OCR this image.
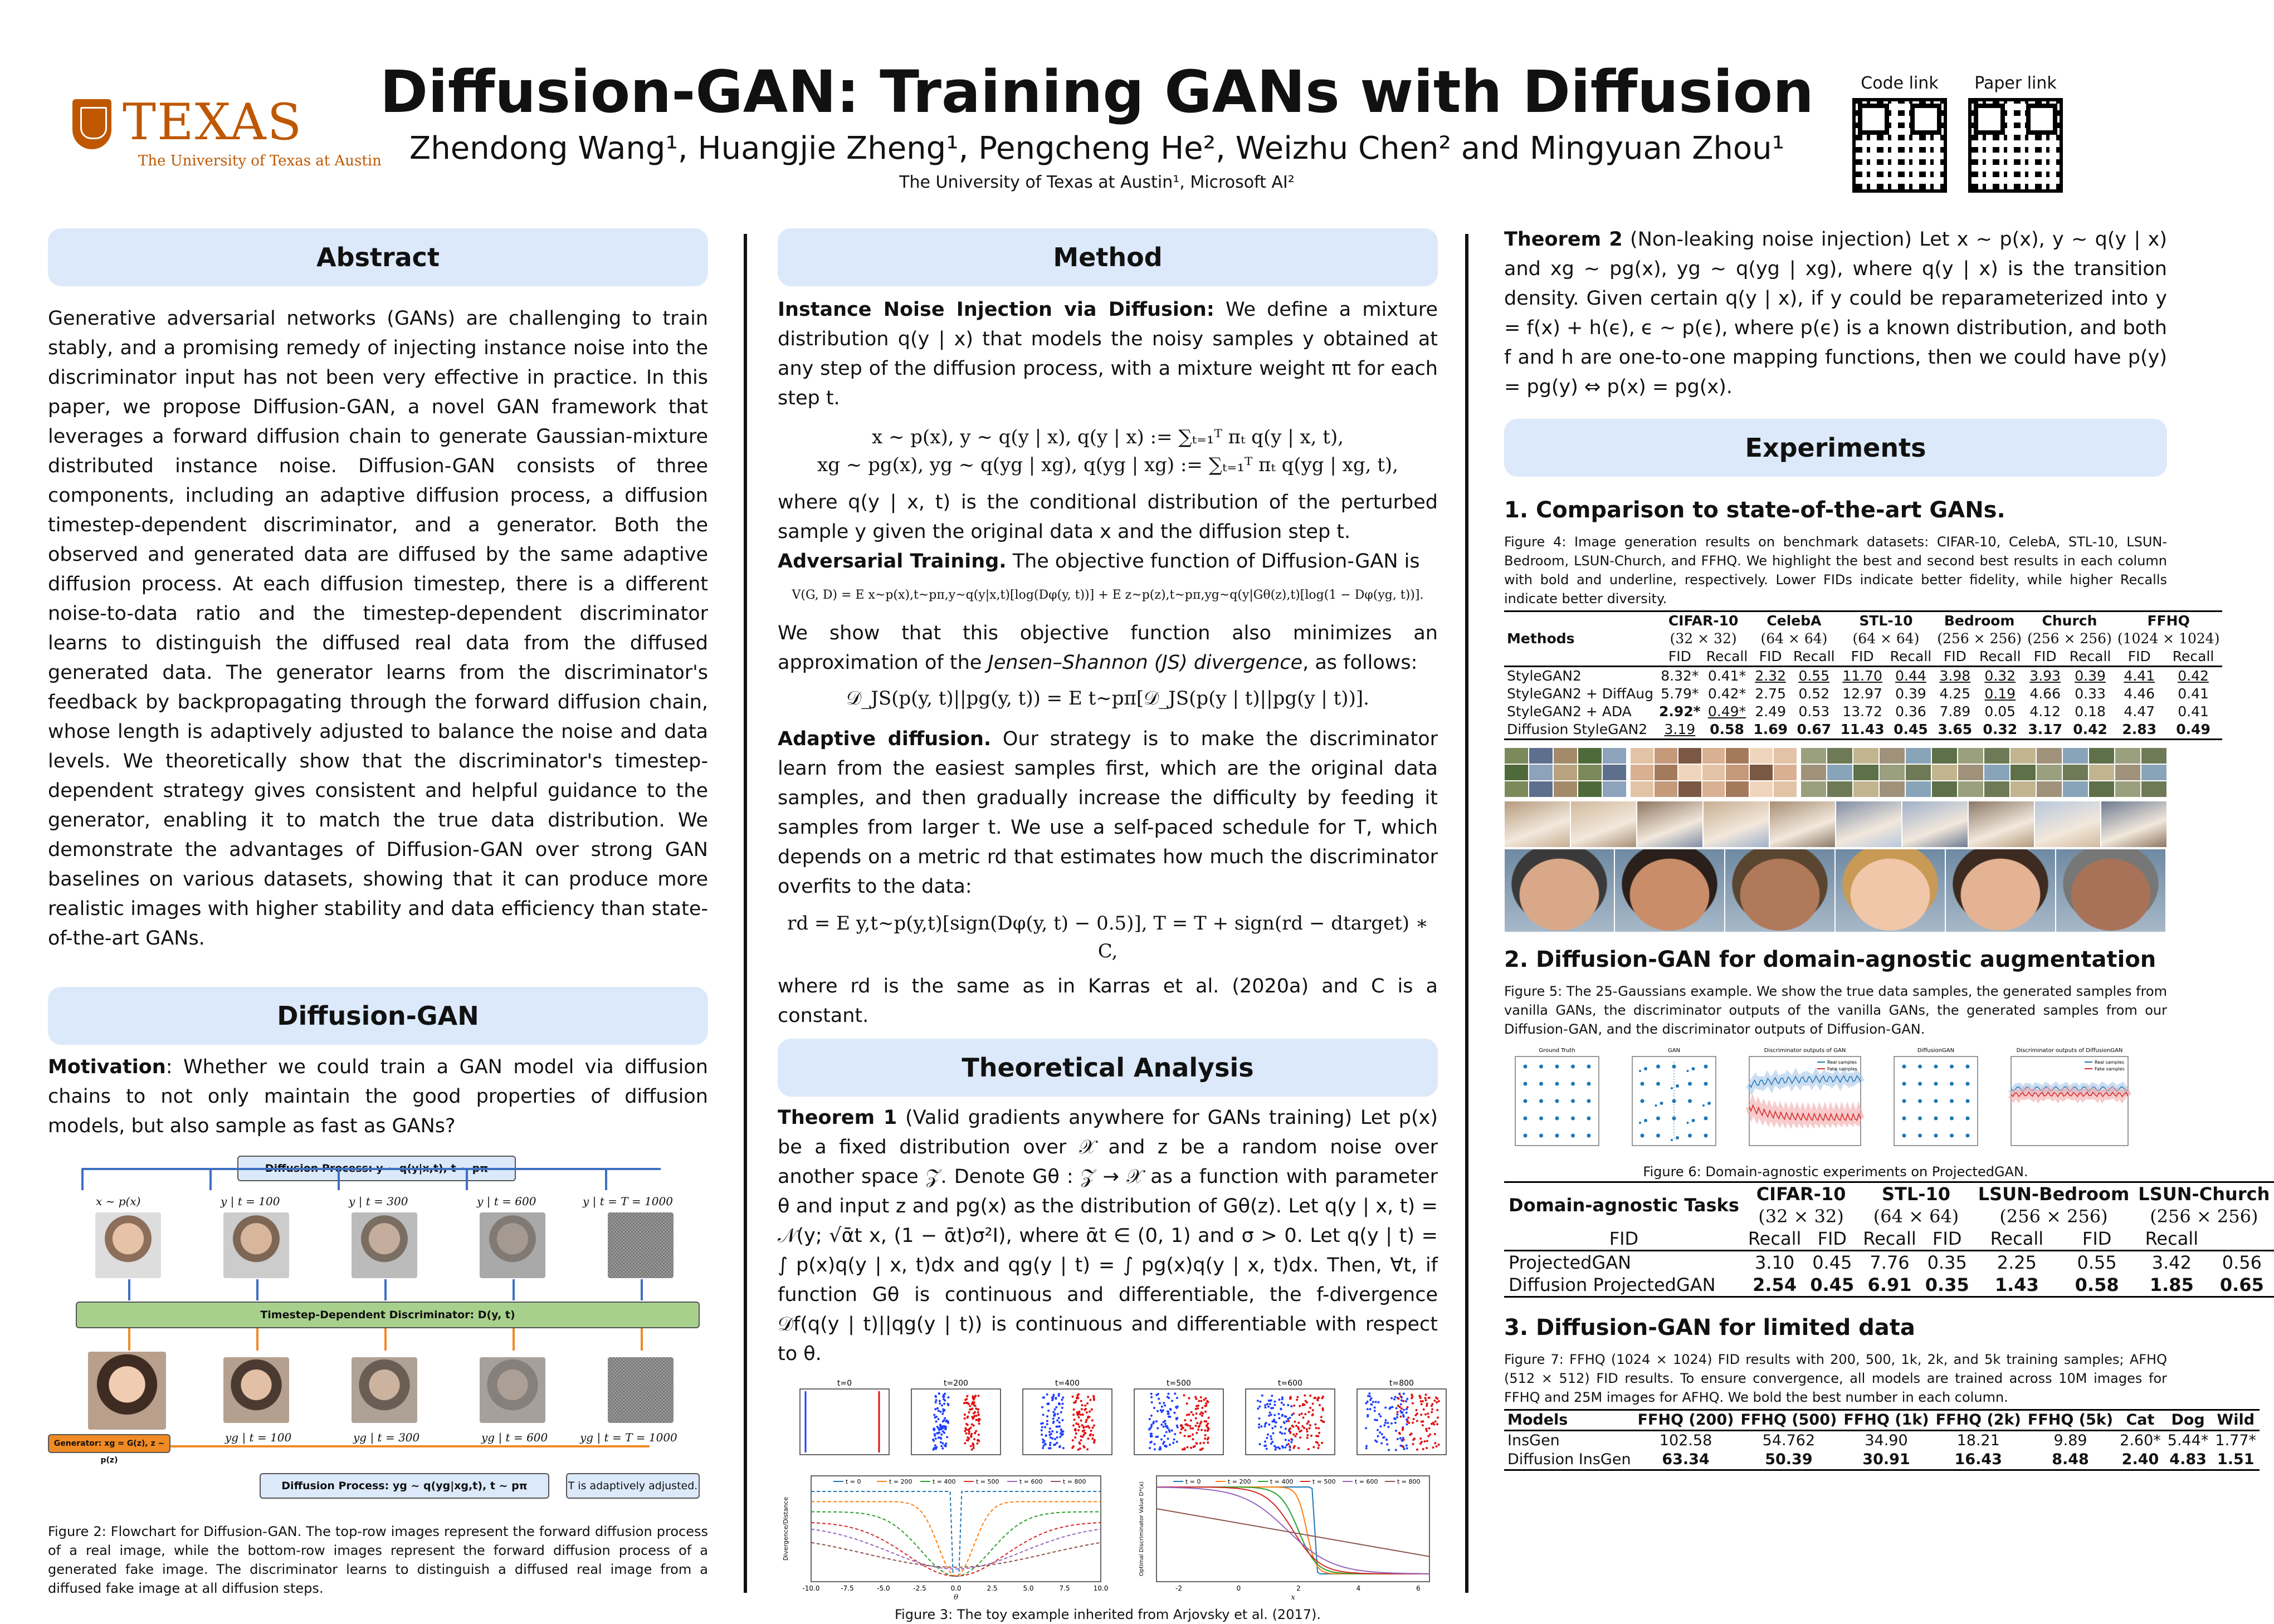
TEXAS
The University of Texas at Austin
Diffusion-GAN: Training GANs with Diffusion
Zhendong Wang¹, Huangjie Zheng¹, Pengcheng He², Weizhu Chen² and Mingyuan Zhou¹
The University of Texas at Austin¹, Microsoft AI²
Code link	Paper link
Abstract

Generative adversarial networks (GANs) are challenging to train stably, and a promising remedy of injecting instance noise into the discriminator input has not been very effective in practice. In this paper, we propose Diffusion-GAN, a novel GAN framework that leverages a forward diffusion chain to generate Gaussian-mixture distributed instance noise. Diffusion-GAN consists of three components, including an adaptive diffusion process, a diffusion timestep-dependent discriminator, and a generator. Both the observed and generated data are diffused by the same adaptive diffusion process. At each diffusion timestep, there is a different noise-to-data ratio and the timestep-dependent discriminator learns to distinguish the diffused real data from the diffused generated data. The generator learns from the discriminator's feedback by backpropagating through the forward diffusion chain, whose length is adaptively adjusted to balance the noise and data levels. We theoretically show that the discriminator's timestep-dependent strategy gives consistent and helpful guidance to the generator, enabling it to match the true data distribution. We demonstrate the advantages of Diffusion-GAN over strong GAN baselines on various datasets, showing that it can produce more realistic images with higher stability and data efficiency than state-of-the-art GANs.

Diffusion-GAN

Motivation: Whether we could train a GAN model via diffusion chains to not only maintain the good properties of diffusion models, but also sample as fast as GANs?

x ~ p(x)	y | t = 100	y | t = 300	y | t = 600	y | t = T = 1000
Timestep-Dependent Discriminator: D(y, t)
yg | t = 100	yg | t = 300	yg | t = 600	yg | t = T = 1000
Generator: xg = G(z), z ~ p(z)
Diffusion Process: yg ~ q(yg|xg,t), t ~ pπ	T is adaptively adjusted.

Figure 2: Flowchart for Diffusion-GAN. The top-row images represent the forward diffusion process of a real image, while the bottom-row images represent the forward diffusion process of a generated fake image. The discriminator learns to distinguish a diffused real image from a diffused fake image at all diffusion steps.

Method

Instance Noise Injection via Diffusion: We define a mixture distribution q(y | x) that models the noisy samples y obtained at any step of the diffusion process, with a mixture weight πt for each step t.

x ~ p(x), y ~ q(y | x), q(y | x) := ∑ₜ₌₁ᵀ πₜ q(y | x, t),
xg ~ pg(x), yg ~ q(yg | xg), q(yg | xg) := ∑ₜ₌₁ᵀ πₜ q(yg | xg, t),

where q(y | x, t) is the conditional distribution of the perturbed sample y given the original data x and the diffusion step t.

Adversarial Training. The objective function of Diffusion-GAN is

V(G, D) = E x~p(x),t~pπ,y~q(y|x,t)[log(Dφ(y, t))] + E z~p(z),t~pπ,yg~q(y|Gθ(z),t)[log(1 − Dφ(yg, t))].

We show that this objective function also minimizes an approximation of the Jensen–Shannon (JS) divergence, as follows:

𝒟_JS(p(y, t)||pg(y, t)) = E t~pπ[𝒟_JS(p(y | t)||pg(y | t))].

Adaptive diffusion. Our strategy is to make the discriminator learn from the easiest samples first, which are the original data samples, and then gradually increase the difficulty by feeding it samples from larger t. We use a self-paced schedule for T, which depends on a metric rd that estimates how much the discriminator overfits to the data:

rd = E y,t~p(y,t)[sign(Dφ(y, t) − 0.5)], T = T + sign(rd − dtarget) ∗ C,

where rd is the same as in Karras et al. (2020a) and C is a constant.

Theoretical Analysis

Theorem 1 (Valid gradients anywhere for GANs training) Let p(x) be a fixed distribution over 𝒳 and z be a random noise over another space 𝒵. Denote Gθ : 𝒵 → 𝒳 as a function with parameter θ and input z and pg(x) as the distribution of Gθ(z). Let q(y | x, t) = 𝒩(y; √ᾱt x, (1 − ᾱt)σ²I), where ᾱt ∈ (0, 1) and σ > 0. Let q(y | t) = ∫ p(x)q(y | x, t)dx and qg(y | t) = ∫ pg(x)q(y | x, t)dx. Then, ∀t, if function Gθ is continuous and differentiable, the f-divergence 𝒟f(q(y | t)||qg(y | t)) is continuous and differentiable with respect to θ.

t=0	t=200	t=400	t=500	t=600	t=800
Divergence/Distance
-10.0	-7.5	-5.0	-2.5	0.0	2.5	5.0	7.5	10.0
θ
t = 0	t = 200	t = 400	t = 500	t = 600	t = 800	Optimal Discriminator Value D*(x)
-2	0	2	4	6
x
t = 0	t = 200	t = 400	t = 500	t = 600	t = 800

Figure 3: The toy example inherited from Arjovsky et al. (2017).

Theorem 2 (Non-leaking noise injection) Let x ~ p(x), y ~ q(y | x) and xg ~ pg(x), yg ~ q(yg | xg), where q(y | x) is the transition density. Given certain q(y | x), if y could be reparameterized into y = f(x) + h(ϵ), ϵ ~ p(ϵ), where p(ϵ) is a known distribution, and both f and h are one-to-one mapping functions, then we could have p(y) = pg(y) ⇔ p(x) = pg(x).

Experiments
1. Comparison to state-of-the-art GANs.

Figure 4: Image generation results on benchmark datasets: CIFAR-10, CelebA, STL-10, LSUN-Bedroom, LSUN-Church, and FFHQ. We highlight the best and second best results in each column with bold and underline, respectively. Lower FIDs indicate better fidelity, while higher Recalls indicate better diversity.

Methods	CIFAR-10		CelebA		STL-10		Bedroom		Church		FFHQ	
	(32 × 32)		(64 × 64)		(64 × 64)		(256 × 256)		(256 × 256)		(1024 × 1024)	
	FID	Recall	FID	Recall	FID	Recall	FID	Recall	FID	Recall	FID	Recall
StyleGAN2	8.32*	0.41*	2.32	0.55	11.70	0.44	3.98	0.32	3.93	0.39	4.41	0.42
StyleGAN2 + DiffAug	5.79*	0.42*	2.75	0.52	12.97	0.39	4.25	0.19	4.66	0.33	4.46	0.41
StyleGAN2 + ADA	2.92*	0.49*	2.49	0.53	13.72	0.36	7.89	0.05	4.12	0.18	4.47	0.41
Diffusion StyleGAN2	3.19	0.58	1.69	0.67	11.43	0.45	3.65	0.32	3.17	0.42	2.83	0.49
2. Diffusion-GAN for domain-agnostic augmentation

Figure 5: The 25-Gaussians example. We show the true data samples, the generated samples from vanilla GANs, the discriminator outputs of the vanilla GANs, the generated samples from our Diffusion-GAN, and the discriminator outputs of Diffusion-GAN.

Ground Truth	GAN	Discriminator outputs of GAN
Real samples
Fake samples
DiffusionGAN	Discriminator outputs of DiffusionGAN
Real samples
Fake samples

Figure 6: Domain-agnostic experiments on ProjectedGAN.

Domain-agnostic Tasks	CIFAR-10		STL-10		LSUN-Bedroom		LSUN-Church	
	(32 × 32)		(64 × 64)		(256 × 256)		(256 × 256)	
FID	Recall	FID	Recall	FID	Recall	FID	Recall	
ProjectedGAN	3.10	0.45	7.76	0.35	2.25	0.55	3.42	0.56
Diffusion ProjectedGAN	2.54	0.45	6.91	0.35	1.43	0.58	1.85	0.65
3. Diffusion-GAN for limited data

Figure 7: FFHQ (1024 × 1024) FID results with 200, 500, 1k, 2k, and 5k training samples; AFHQ (512 × 512) FID results. To ensure convergence, all models are trained across 10M images for FFHQ and 25M images for AFHQ. We bold the best number in each column.

Models	FFHQ (200)	FFHQ (500)	FFHQ (1k)	FFHQ (2k)	FFHQ (5k)	Cat	Dog	Wild
InsGen	102.58	54.762	34.90	18.21	9.89	2.60*	5.44*	1.77*
Diffusion InsGen	63.34	50.39	30.91	16.43	8.48	2.40	4.83	1.51
